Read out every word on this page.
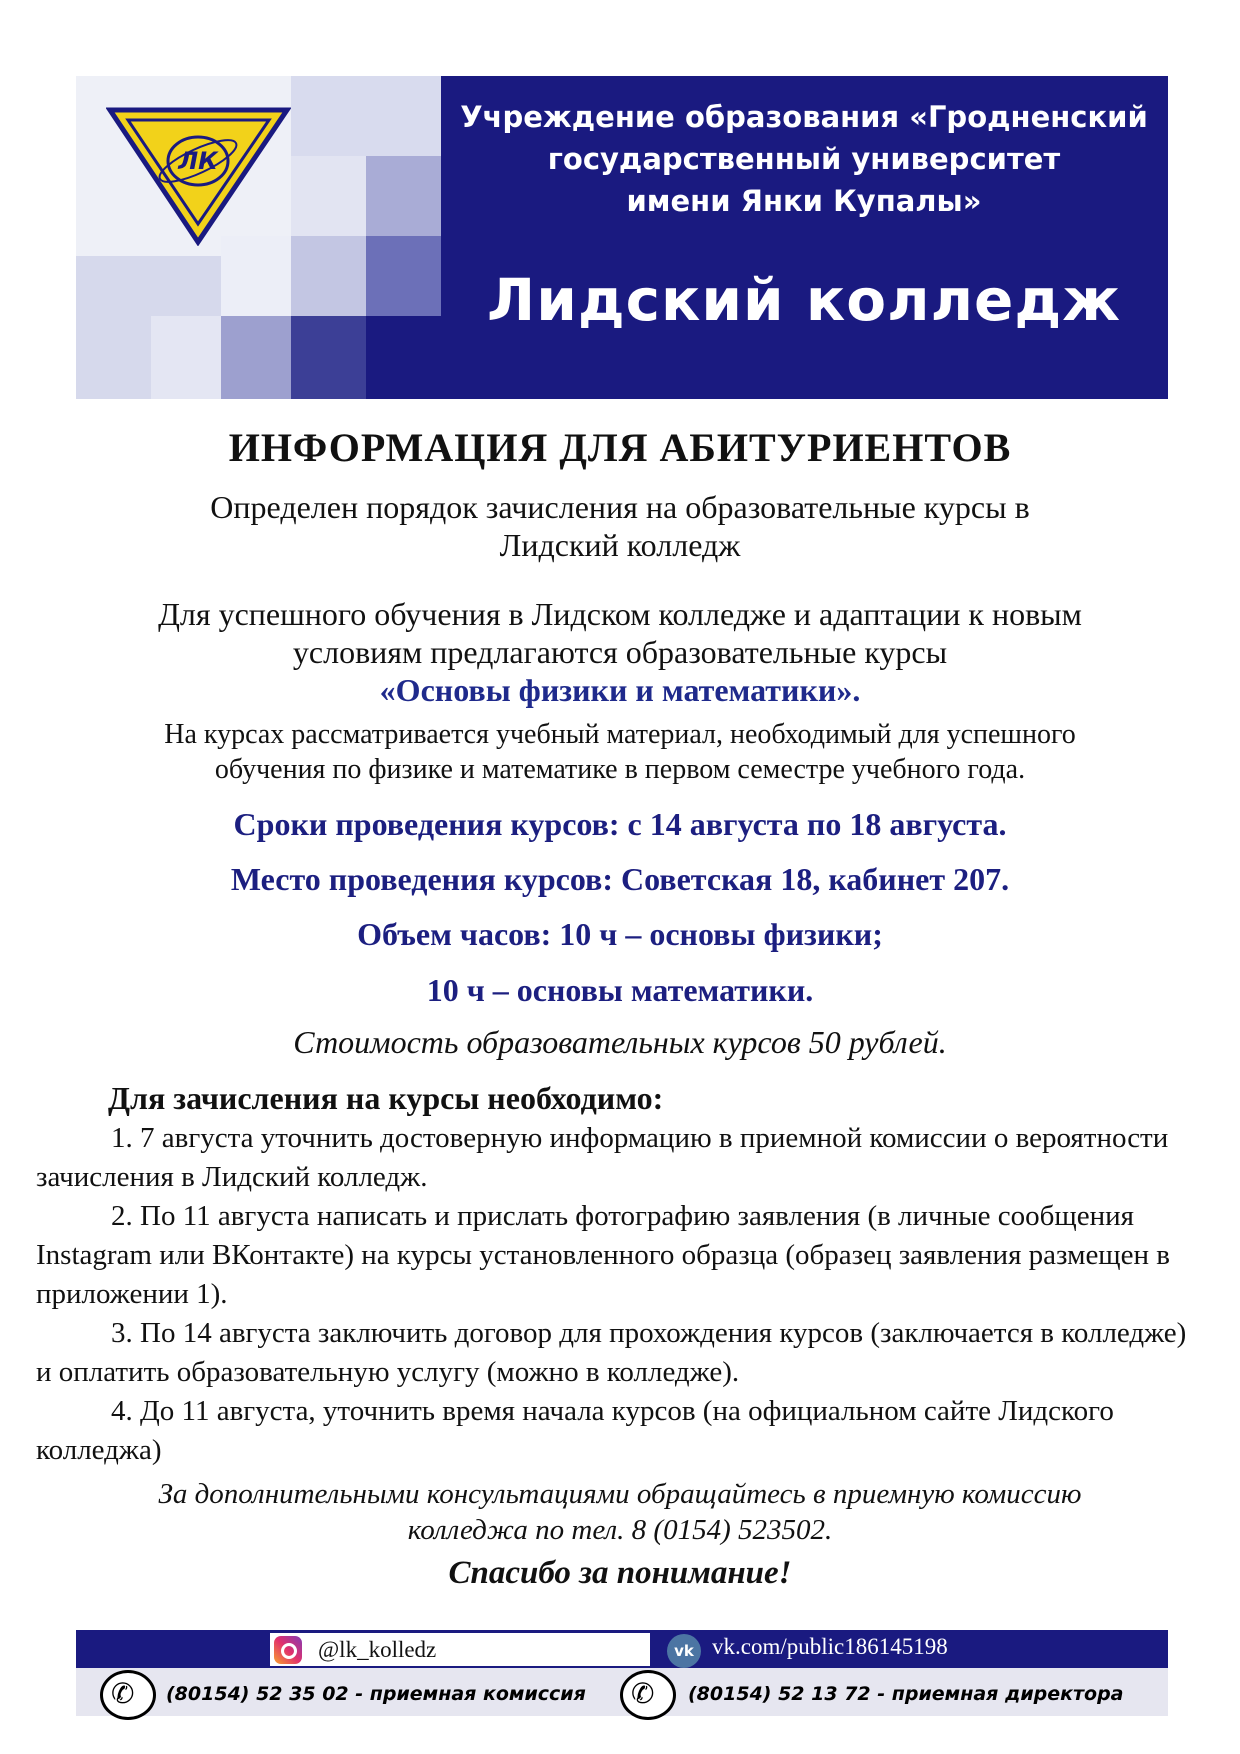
ЛК
Учреждение образования «Гродненский
государственный университет
имени Янки Купалы»
Лидский колледж
ИНФОРМАЦИЯ ДЛЯ АБИТУРИЕНТОВ
Определен порядок зачисления на образовательные курсы в
Лидский колледж
Для успешного обучения в Лидском колледже и адаптации к новым
условиям предлагаются образовательные курсы
«Основы физики и математики».
На курсах рассматривается учебный материал, необходимый для успешного
обучения по физике и математике в первом семестре учебного года.
Сроки проведения курсов: с 14 августа по 18 августа.
Место проведения курсов: Советская 18, кабинет 207.
Объем часов: 10 ч – основы физики;
10 ч – основы математики.
Стоимость образовательных курсов 50 рублей.
Для зачисления на курсы необходимо:

1. 7 августа уточнить достоверную информацию в приемной комиссии о вероятности зачисления в Лидский колледж.

2. По 11 августа написать и прислать фотографию заявления (в личные сообщения Instagram или ВКонтакте) на курсы установленного образца (образец заявления размещен в приложении 1).

3. По 14 августа заключить договор для прохождения курсов (заключается в колледже) и оплатить образовательную услугу (можно в колледже).

4. До 11 августа, уточнить время начала курсов (на официальном сайте Лидского колледжа)

За дополнительными консультациями обращайтесь в приемную комиссию
колледжа по тел. 8 (0154) 523502.
Спасибо за понимание!
@lk_kolledz	vk vk.com/public186145198
✆ (80154) 52 35 02 - приемная комиссия ✆ (80154) 52 13 72 - приемная директора
